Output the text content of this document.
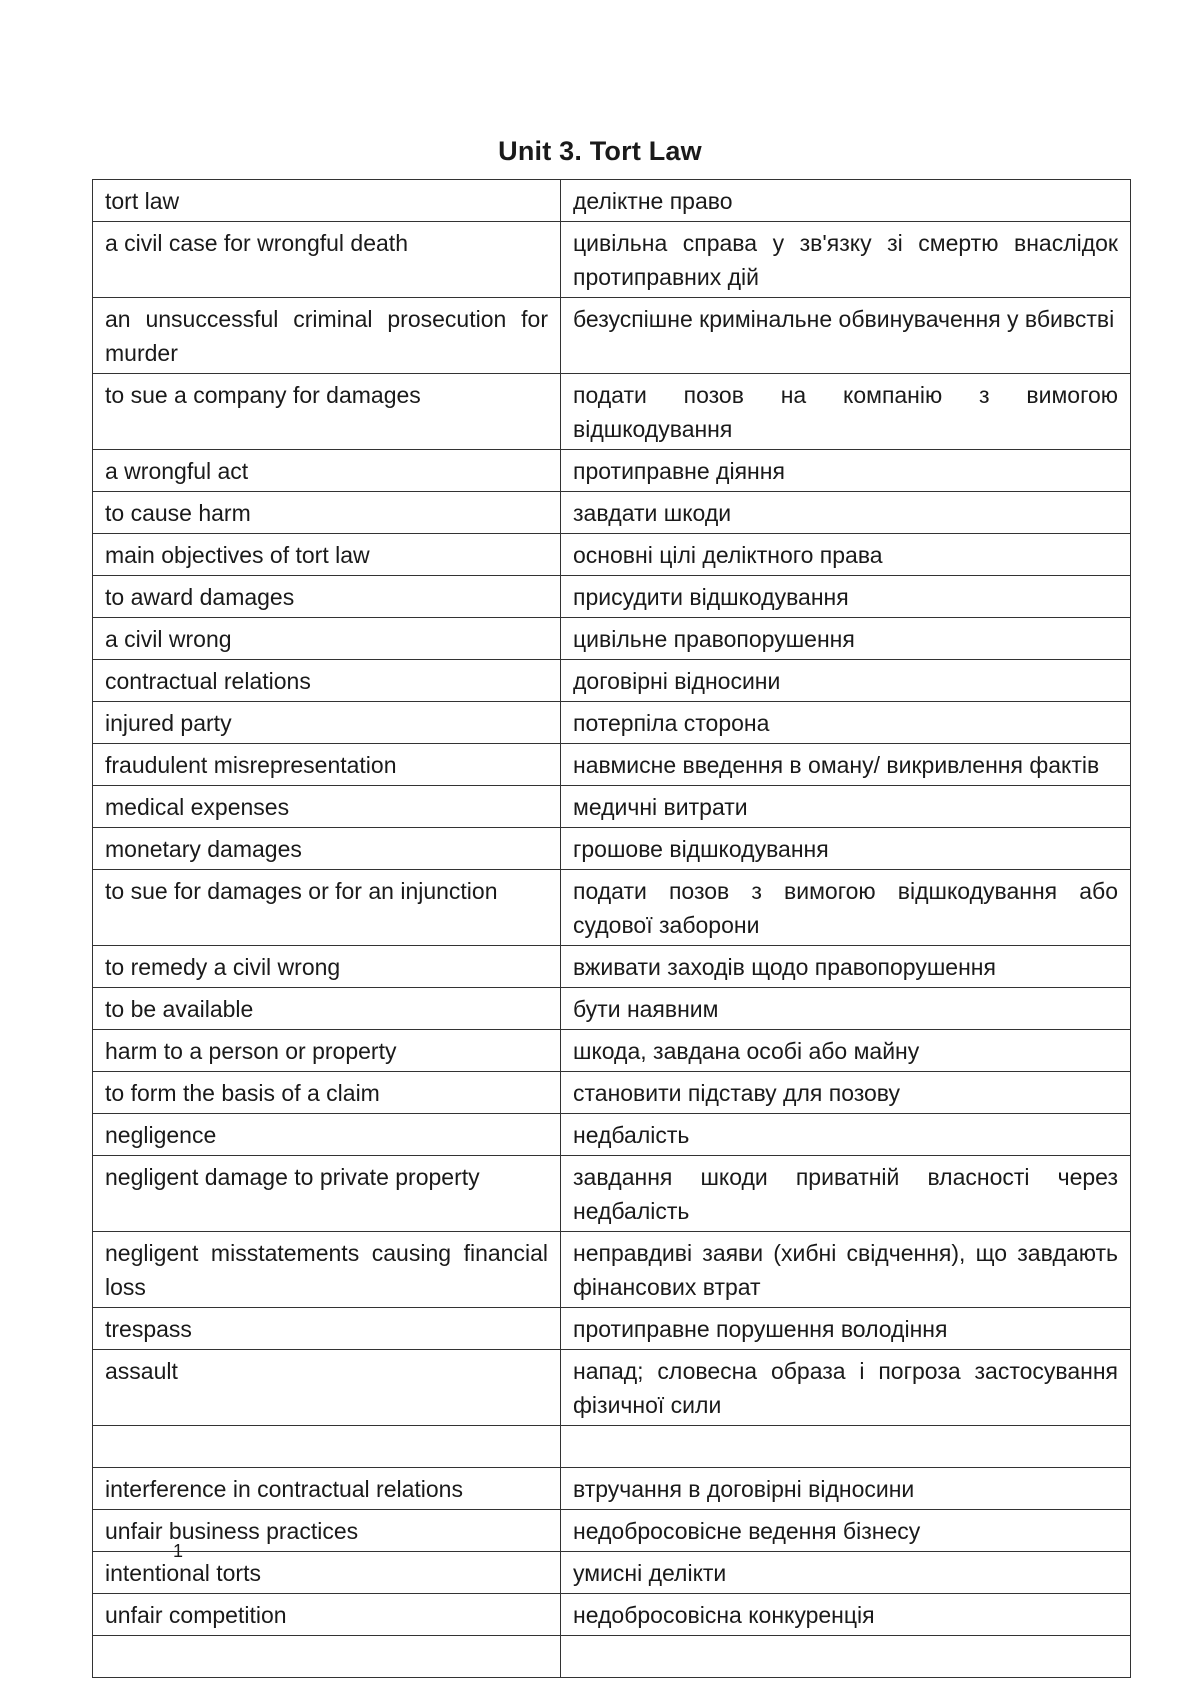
Unit 3. Tort Law
tort law	деліктне право
a civil case for wrongful death	цивільна справа у зв'язку зі смертю внаслідок протиправних дій
an unsuccessful criminal prosecution for murder	безуспішне кримінальне обвинувачення у вбивстві
to sue a company for damages	подати позов на компанію з вимогою відшкодування
a wrongful act	протиправне діяння
to cause harm	завдати шкоди
main objectives of tort law	основні цілі деліктного права
to award damages	присудити відшкодування
a civil wrong	цивільне правопорушення
contractual relations	договірні відносини
injured party	потерпіла сторона
fraudulent misrepresentation	навмисне введення в оману/ викривлення фактів
medical expenses	медичні витрати
monetary damages	грошове відшкодування
to sue for damages or for an injunction	подати позов з вимогою відшкодування або судової заборони
to remedy a civil wrong	вживати заходів щодо правопорушення
to be available	бути наявним
harm to a person or property	шкода, завдана особі або майну
to form the basis of a claim	становити підставу для позову
negligence	недбалість
negligent damage to private property	завдання шкоди приватній власності через недбалість
negligent misstatements causing financial loss	неправдиві заяви (хибні свідчення), що завдають фінансових втрат
trespass	протиправне порушення володіння
assault	напад; словесна образа і погроза застосування фізичної сили

interference in contractual relations	втручання в договірні відносини
unfair business practices	недобросовісне ведення бізнесу
intentional torts	умисні делікти
unfair competition	недобросовісна конкуренція

1
